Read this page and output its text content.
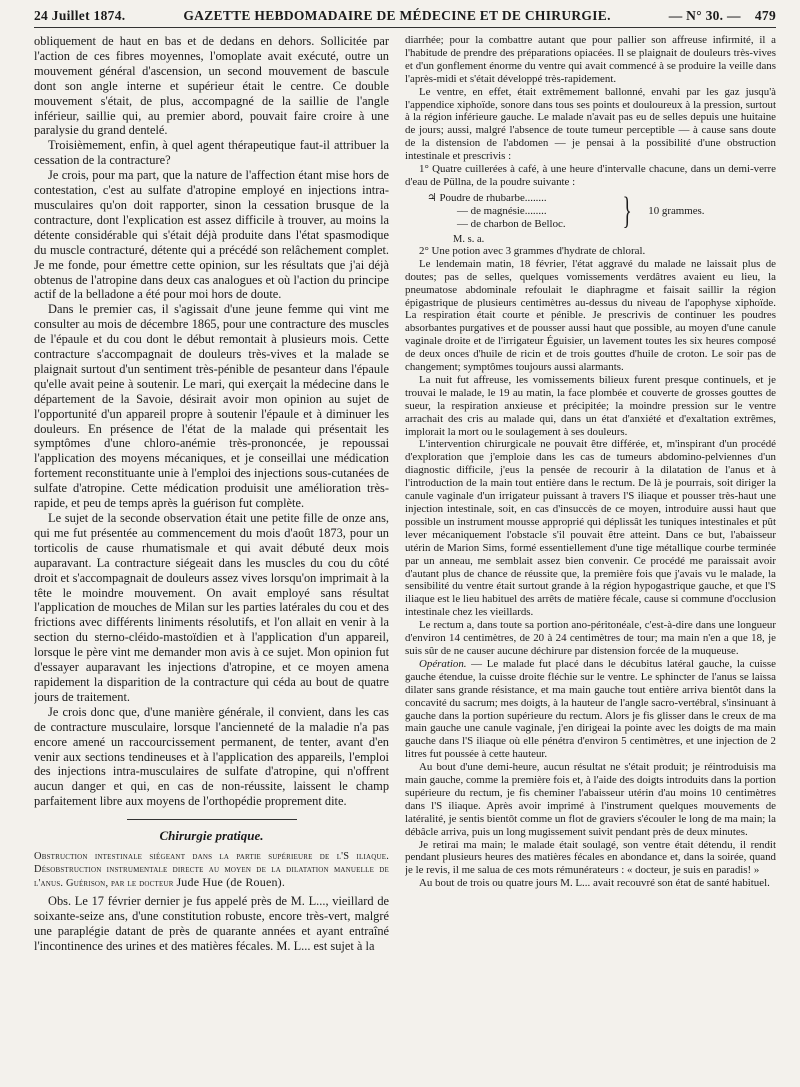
24 Juillet 1874.	GAZETTE HEBDOMADAIRE DE MÉDECINE ET DE CHIRURGIE.	— N° 30. — 479

obliquement de haut en bas et de dedans en dehors. Sollicitée par l'action de ces fibres moyennes, l'omoplate avait exécuté, outre un mouvement général d'ascension, un second mouvement de bascule dont son angle interne et supérieur était le centre. Ce double mouvement s'était, de plus, accompagné de la saillie de l'angle inférieur, saillie qui, au premier abord, pouvait faire croire à une paralysie du grand dentelé.

Troisièmement, enfin, à quel agent thérapeutique faut-il attribuer la cessation de la contracture?

Je crois, pour ma part, que la nature de l'affection étant mise hors de contestation, c'est au sulfate d'atropine employé en injections intra-musculaires qu'on doit rapporter, sinon la cessation brusque de la contracture, dont l'explication est assez difficile à trouver, au moins la détente considérable qui s'était déjà produite dans l'état spasmodique du muscle contracturé, détente qui a précédé son relâchement complet. Je me fonde, pour émettre cette opinion, sur les résultats que j'ai déjà obtenus de l'atropine dans deux cas analogues et où l'action du principe actif de la belladone a été pour moi hors de doute.

Dans le premier cas, il s'agissait d'une jeune femme qui vint me consulter au mois de décembre 1865, pour une contracture des muscles de l'épaule et du cou dont le début remontait à plusieurs mois. Cette contracture s'accompagnait de douleurs très-vives et la malade se plaignait surtout d'un sentiment très-pénible de pesanteur dans l'épaule qu'elle avait peine à soutenir. Le mari, qui exerçait la médecine dans le département de la Savoie, désirait avoir mon opinion au sujet de l'opportunité d'un appareil propre à soutenir l'épaule et à diminuer les douleurs. En présence de l'état de la malade qui présentait les symptômes d'une chloro-anémie très-prononcée, je repoussai l'application des moyens mécaniques, et je conseillai une médication fortement reconstituante unie à l'emploi des injections sous-cutanées de sulfate d'atropine. Cette médication produisit une amélioration très-rapide, et peu de temps après la guérison fut complète.

Le sujet de la seconde observation était une petite fille de onze ans, qui me fut présentée au commencement du mois d'août 1873, pour un torticolis de cause rhumatismale et qui avait débuté deux mois auparavant. La contracture siégeait dans les muscles du cou du côté droit et s'accompagnait de douleurs assez vives lorsqu'on imprimait à la tête le moindre mouvement. On avait employé sans résultat l'application de mouches de Milan sur les parties latérales du cou et des frictions avec différents liniments résolutifs, et l'on allait en venir à la section du sterno-cléido-mastoïdien et à l'application d'un appareil, lorsque le père vint me demander mon avis à ce sujet. Mon opinion fut d'essayer auparavant les injections d'atropine, et ce moyen amena rapidement la disparition de la contracture qui céda au bout de quatre jours de traitement.

Je crois donc que, d'une manière générale, il convient, dans les cas de contracture musculaire, lorsque l'ancienneté de la maladie n'a pas encore amené un raccourcissement permanent, de tenter, avant d'en venir aux sections tendineuses et à l'application des appareils, l'emploi des injections intra-musculaires de sulfate d'atropine, qui n'offrent aucun danger et qui, en cas de non-réussite, laissent le champ parfaitement libre aux moyens de l'orthopédie proprement dite.

Chirurgie pratique.
Obstruction intestinale siégeant dans la partie supérieure de l'S iliaque. Désobstruction instrumentale directe au moyen de la dilatation manuelle de l'anus. Guérison, par le docteur Jude Hue (de Rouen).

Obs. Le 17 février dernier je fus appelé près de M. L..., vieillard de soixante-seize ans, d'une constitution robuste, encore très-vert, malgré une paraplégie datant de près de quarante années et ayant entraîné l'incontinence des urines et des matières fécales. M. L... est sujet à la

diarrhée; pour la combattre autant que pour pallier son affreuse infirmité, il a l'habitude de prendre des préparations opiacées. Il se plaignait de douleurs très-vives et d'un gonflement énorme du ventre qui avait commencé à se produire la veille dans l'après-midi et s'était développé très-rapidement.

Le ventre, en effet, était extrêmement ballonné, envahi par les gaz jusqu'à l'appendice xiphoïde, sonore dans tous ses points et douloureux à la pression, surtout à la région inférieure gauche. Le malade n'avait pas eu de selles depuis une huitaine de jours; aussi, malgré l'absence de toute tumeur perceptible — à cause sans doute de la distension de l'abdomen — je pensai à la possibilité d'une obstruction intestinale et prescrivis :

1° Quatre cuillerées à café, à une heure d'intervalle chacune, dans un demi-verre d'eau de Püllna, de la poudre suivante :

♃ Poudre de rhubarbe........
— de magnésie........
— de charbon de Belloc.	} 10 grammes.
M. s. a.

2° Une potion avec 3 grammes d'hydrate de chloral.

Le lendemain matin, 18 février, l'état aggravé du malade ne laissait plus de doutes; pas de selles, quelques vomissements verdâtres avaient eu lieu, la pneumatose abdominale refoulait le diaphragme et faisait saillir la région épigastrique de plusieurs centimètres au-dessus du niveau de l'apophyse xiphoïde. La respiration était courte et pénible. Je prescrivis de continuer les poudres absorbantes purgatives et de pousser aussi haut que possible, au moyen d'une canule vaginale droite et de l'irrigateur Éguisier, un lavement toutes les six heures composé de deux onces d'huile de ricin et de trois gouttes d'huile de croton. Le soir pas de changement; symptômes toujours aussi alarmants.

La nuit fut affreuse, les vomissements bilieux furent presque continuels, et je trouvai le malade, le 19 au matin, la face plombée et couverte de grosses gouttes de sueur, la respiration anxieuse et précipitée; la moindre pression sur le ventre arrachait des cris au malade qui, dans un état d'anxiété et d'exaltation extrêmes, implorait la mort ou le soulagement à ses douleurs.

L'intervention chirurgicale ne pouvait être différée, et, m'inspirant d'un procédé d'exploration que j'emploie dans les cas de tumeurs abdomino-pelviennes d'un diagnostic difficile, j'eus la pensée de recourir à la dilatation de l'anus et à l'introduction de la main tout entière dans le rectum. De là je pourrais, soit diriger la canule vaginale d'un irrigateur puissant à travers l'S iliaque et pousser très-haut une injection intestinale, soit, en cas d'insuccès de ce moyen, introduire aussi haut que possible un instrument mousse approprié qui déplissât les tuniques intestinales et pût lever mécaniquement l'obstacle s'il pouvait être atteint. Dans ce but, l'abaisseur utérin de Marion Sims, formé essentiellement d'une tige métallique courbe terminée par un anneau, me semblait assez bien convenir. Ce procédé me paraissait avoir d'autant plus de chance de réussite que, la première fois que j'avais vu le malade, la sensibilité du ventre était surtout grande à la région hypogastrique gauche, et que l'S iliaque est le lieu habituel des arrêts de matière fécale, cause si commune d'occlusion intestinale chez les vieillards.

Le rectum a, dans toute sa portion ano-péritonéale, c'est-à-dire dans une longueur d'environ 14 centimètres, de 20 à 24 centimètres de tour; ma main n'en a que 18, je suis sûr de ne causer aucune déchirure par distension forcée de la muqueuse.

Opération. — Le malade fut placé dans le décubitus latéral gauche, la cuisse gauche étendue, la cuisse droite fléchie sur le ventre. Le sphincter de l'anus se laissa dilater sans grande résistance, et ma main gauche tout entière arriva bientôt dans la concavité du sacrum; mes doigts, à la hauteur de l'angle sacro-vertébral, s'insinuant à gauche dans la portion supérieure du rectum. Alors je fis glisser dans le creux de ma main gauche une canule vaginale, j'en dirigeai la pointe avec les doigts de ma main gauche dans l'S iliaque où elle pénétra d'environ 5 centimètres, et une injection de 2 litres fut poussée à cette hauteur.

Au bout d'une demi-heure, aucun résultat ne s'était produit; je réintroduisis ma main gauche, comme la première fois et, à l'aide des doigts introduits dans la portion supérieure du rectum, je fis cheminer l'abaisseur utérin d'au moins 10 centimètres dans l'S iliaque. Après avoir imprimé à l'instrument quelques mouvements de latéralité, je sentis bientôt comme un flot de graviers s'écouler le long de ma main; la débâcle arriva, puis un long mugissement suivit pendant près de deux minutes.

Je retirai ma main; le malade était soulagé, son ventre était détendu, il rendit pendant plusieurs heures des matières fécales en abondance et, dans la soirée, quand je le revis, il me salua de ces mots rémunérateurs : « docteur, je suis en paradis! »

Au bout de trois ou quatre jours M. L... avait recouvré son état de santé habituel.
